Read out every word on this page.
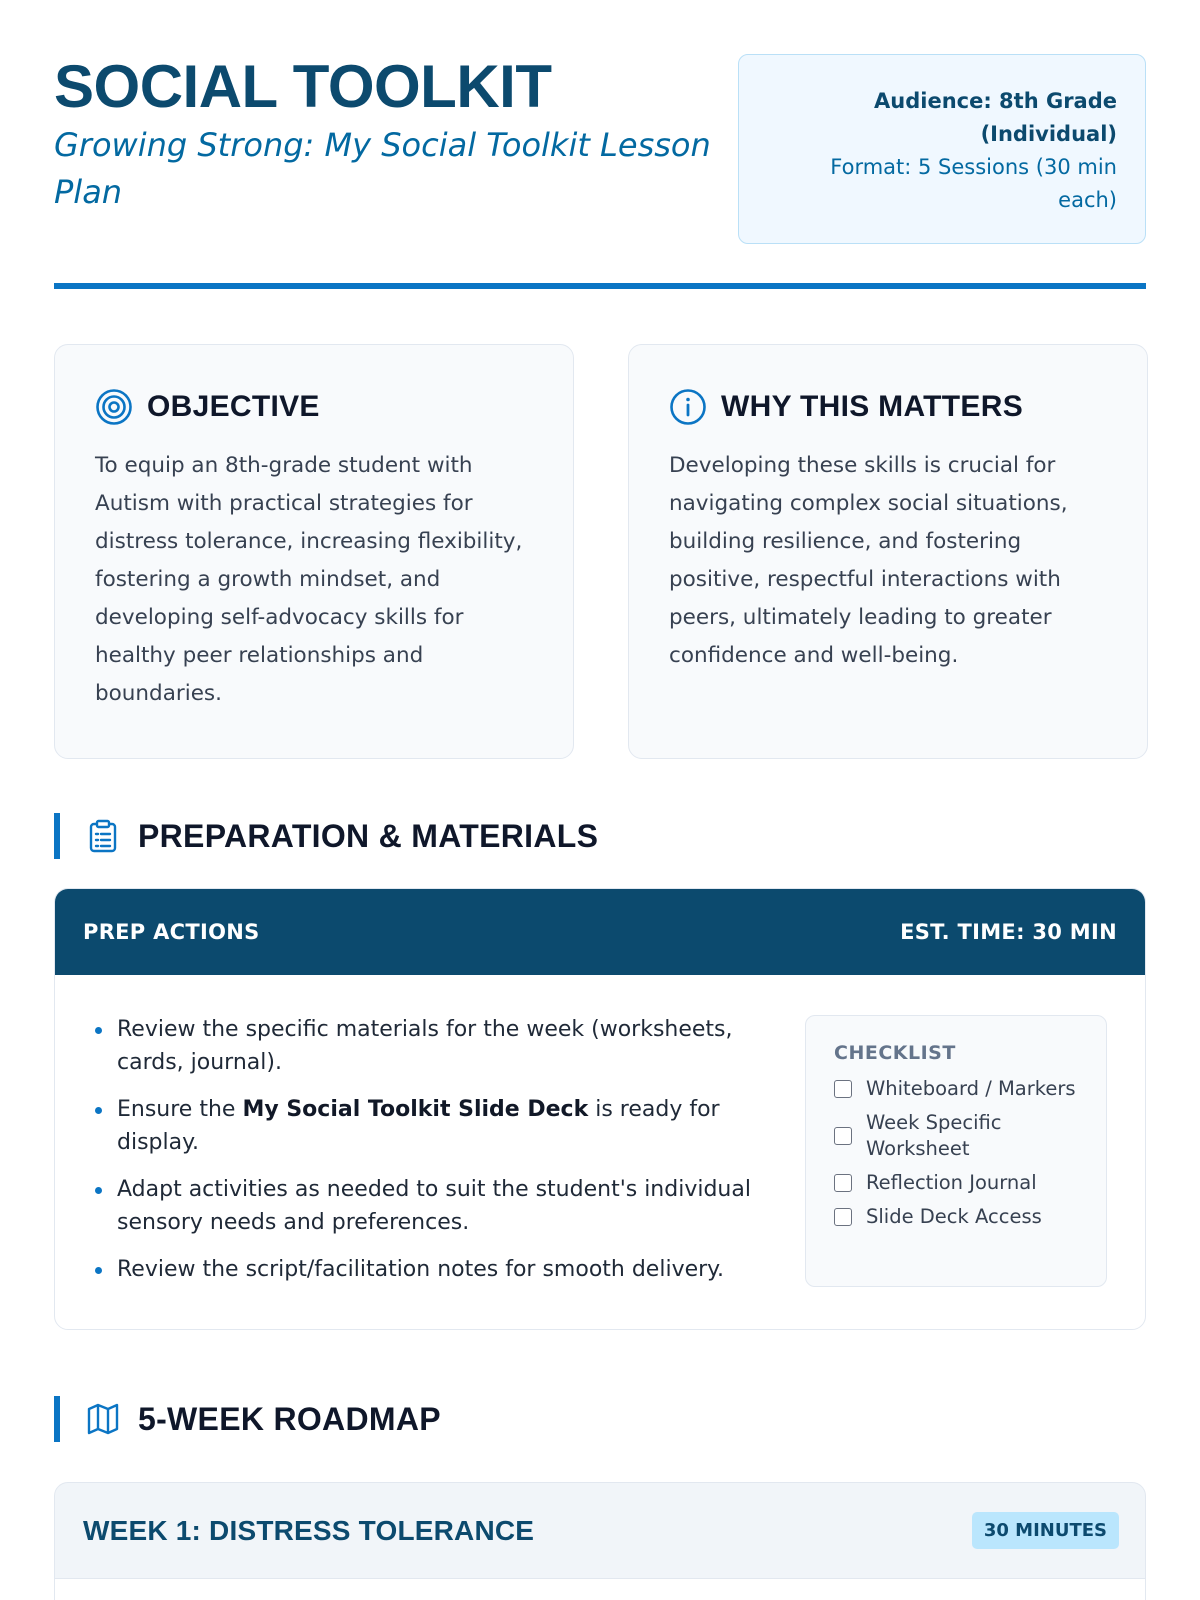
SOCIAL TOOLKIT
Growing Strong: My Social Toolkit Lesson Plan
Audience: 8th Grade (Individual)
Format: 5 Sessions (30 min each)
OBJECTIVE
To equip an 8th-grade student with Autism with practical strategies for distress tolerance, increasing flexibility, fostering a growth mindset, and developing self-advocacy skills for healthy peer relationships and boundaries.
WHY THIS MATTERS
Developing these skills is crucial for navigating complex social situations, building resilience, and fostering positive, respectful interactions with peers, ultimately leading to greater confidence and well-being.
PREPARATION & MATERIALS
PREP ACTIONS	EST. TIME: 30 MIN
Review the specific materials for the week (worksheets, cards, journal).
Ensure the My Social Toolkit Slide Deck is ready for display.
Adapt activities as needed to suit the student's individual sensory needs and preferences.
Review the script/facilitation notes for smooth delivery.
CHECKLIST
Whiteboard / Markers
Week Specific Worksheet
Reflection Journal
Slide Deck Access
5-WEEK ROADMAP
WEEK 1: DISTRESS TOLERANCE	30 MINUTES
